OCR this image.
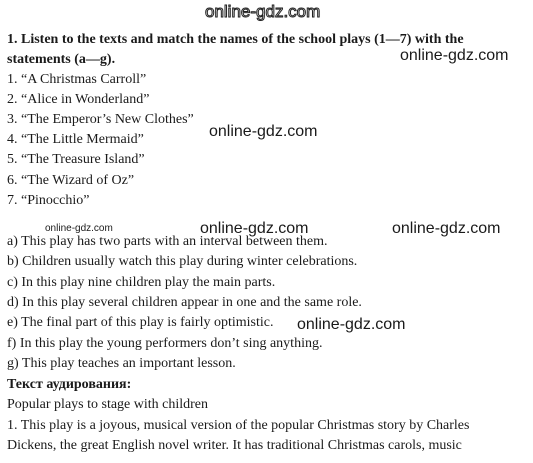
online-gdz.com
1. Listen to the texts and match the names of the school plays (1—7) with the
statements (a—g).
1. “A Christmas Carroll”
2. “Alice in Wonderland”
3. “The Emperor’s New Clothes”
4. “The Little Mermaid”
5. “The Treasure Island”
6. “The Wizard of Oz”
7. “Pinocchio”
a) This play has two parts with an interval between them.
b) Children usually watch this play during winter celebrations.
c) In this play nine children play the main parts.
d) In this play several children appear in one and the same role.
e) The final part of this play is fairly optimistic.
f) In this play the young performers don’t sing anything.
g) This play teaches an important lesson.
Текст аудирования:
Popular plays to stage with children
1. This play is a joyous, musical version of the popular Christmas story by Charles
Dickens, the great English novel writer. It has traditional Christmas carols, music
online-gdz.com
online-gdz.com
online-gdz.com	online-gdz.com	online-gdz.com
online-gdz.com
